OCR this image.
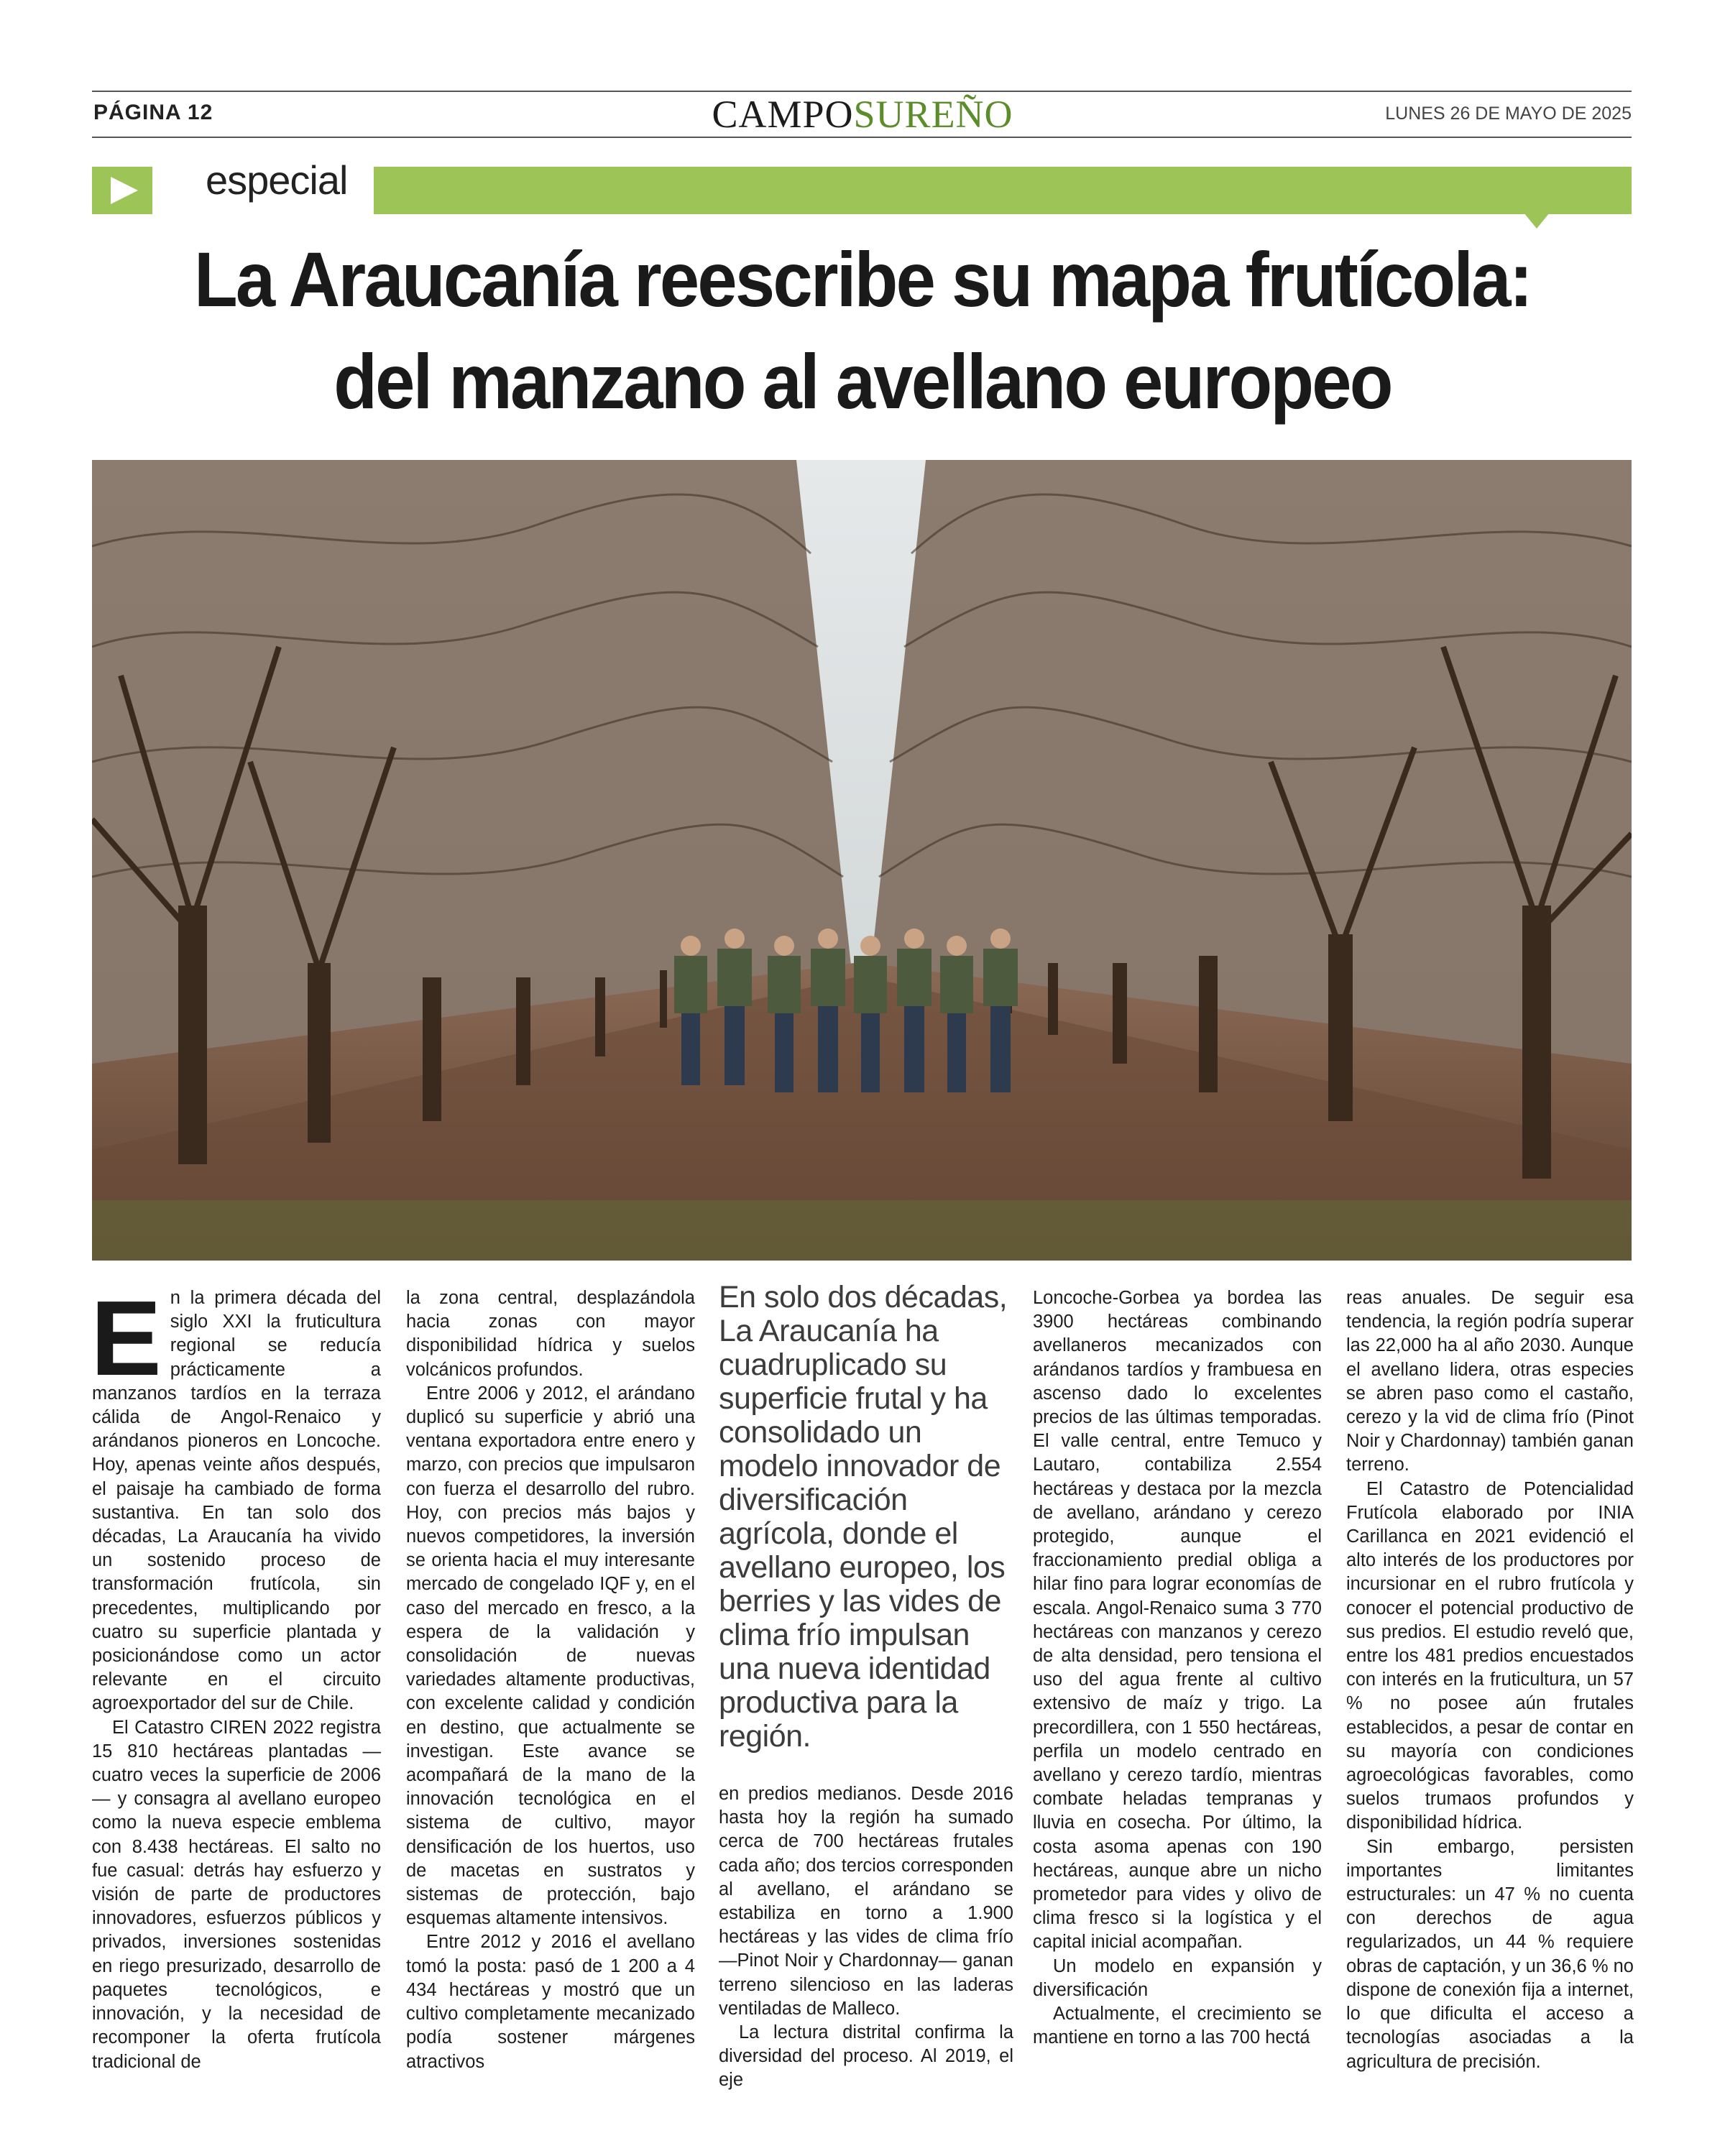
PÁGINA 12	CAMPOSUREÑO	LUNES 26 DE MAYO DE 2025
especial
La Araucanía reescribe su mapa frutícola:
del manzano al avellano europeo
En solo dos décadas, La Araucanía ha cuadruplicado su superficie frutal y ha consolidado un modelo innovador de diversificación agrícola, donde el avellano europeo, los berries y las vides de clima frío impulsan una nueva identidad productiva para la región.

En la primera década del siglo XXI la fruticultura regional se reducía prácticamente a manzanos tardíos en la terraza cálida de Angol-Renaico y arándanos pioneros en Loncoche. Hoy, apenas veinte años después, el paisaje ha cambiado de forma sustantiva. En tan solo dos décadas, La Araucanía ha vivido un sostenido proceso de transformación frutícola, sin precedentes, multiplicando por cuatro su superficie plantada y posicionándose como un actor relevante en el circuito agroexportador del sur de Chile.

El Catastro CIREN 2022 registra 15 810 hectáreas plantadas —cuatro veces la superficie de 2006— y consagra al avellano europeo como la nueva especie emblema con 8.438 hectáreas. El salto no fue casual: detrás hay esfuerzo y visión de parte de productores innovadores, esfuerzos públicos y privados, inversiones sostenidas en riego presurizado, desarrollo de paquetes tecnológicos, e innovación, y la necesidad de recomponer la oferta frutícola tradicional de

la zona central, desplazándola hacia zonas con mayor disponibilidad hídrica y suelos volcánicos profundos.

Entre 2006 y 2012, el arándano duplicó su superficie y abrió una ventana exportadora entre enero y marzo, con precios que impulsaron con fuerza el desarrollo del rubro. Hoy, con precios más bajos y nuevos competidores, la inversión se orienta hacia el muy interesante mercado de congelado IQF y, en el caso del mercado en fresco, a la espera de la validación y consolidación de nuevas variedades altamente productivas, con excelente calidad y condición en destino, que actualmente se investigan. Este avance se acompañará de la mano de la innovación tecnológica en el sistema de cultivo, mayor densificación de los huertos, uso de macetas en sustratos y sistemas de protección, bajo esquemas altamente intensivos.

Entre 2012 y 2016 el avellano tomó la posta: pasó de 1 200 a 4 434 hectáreas y mostró que un cultivo completamente mecanizado podía sostener márgenes atractivos

en predios medianos. Desde 2016 hasta hoy la región ha sumado cerca de 700 hectáreas frutales cada año; dos tercios corresponden al avellano, el arándano se estabiliza en torno a 1.900 hectáreas y las vides de clima frío —Pinot Noir y Chardonnay— ganan terreno silencioso en las laderas ventiladas de Malleco.

La lectura distrital confirma la diversidad del proceso. Al 2019, el eje

Loncoche-Gorbea ya bordea las 3900 hectáreas combinando avellaneros mecanizados con arándanos tardíos y frambuesa en ascenso dado lo excelentes precios de las últimas temporadas. El valle central, entre Temuco y Lautaro, contabiliza 2.554 hectáreas y destaca por la mezcla de avellano, arándano y cerezo protegido, aunque el fraccionamiento predial obliga a hilar fino para lograr economías de escala. Angol-Renaico suma 3 770 hectáreas con manzanos y cerezo de alta densidad, pero tensiona el uso del agua frente al cultivo extensivo de maíz y trigo. La precordillera, con 1 550 hectáreas, perfila un modelo centrado en avellano y cerezo tardío, mientras combate heladas tempranas y lluvia en cosecha. Por último, la costa asoma apenas con 190 hectáreas, aunque abre un nicho prometedor para vides y olivo de clima fresco si la logística y el capital inicial acompañan.

Un modelo en expansión y diversificación

Actualmente, el crecimiento se mantiene en torno a las 700 hectá

reas anuales. De seguir esa tendencia, la región podría superar las 22,000 ha al año 2030. Aunque el avellano lidera, otras especies se abren paso como el castaño, cerezo y la vid de clima frío (Pinot Noir y Chardonnay) también ganan terreno.

El Catastro de Potencialidad Frutícola elaborado por INIA Carillanca en 2021 evidenció el alto interés de los productores por incursionar en el rubro frutícola y conocer el potencial productivo de sus predios. El estudio reveló que, entre los 481 predios encuestados con interés en la fruticultura, un 57 % no posee aún frutales establecidos, a pesar de contar en su mayoría con condiciones agroecológicas favorables, como suelos trumaos profundos y disponibilidad hídrica.

Sin embargo, persisten importantes limitantes estructurales: un 47 % no cuenta con derechos de agua regularizados, un 44 % requiere obras de captación, y un 36,6 % no dispone de conexión fija a internet, lo que dificulta el acceso a tecnologías asociadas a la agricultura de precisión.
